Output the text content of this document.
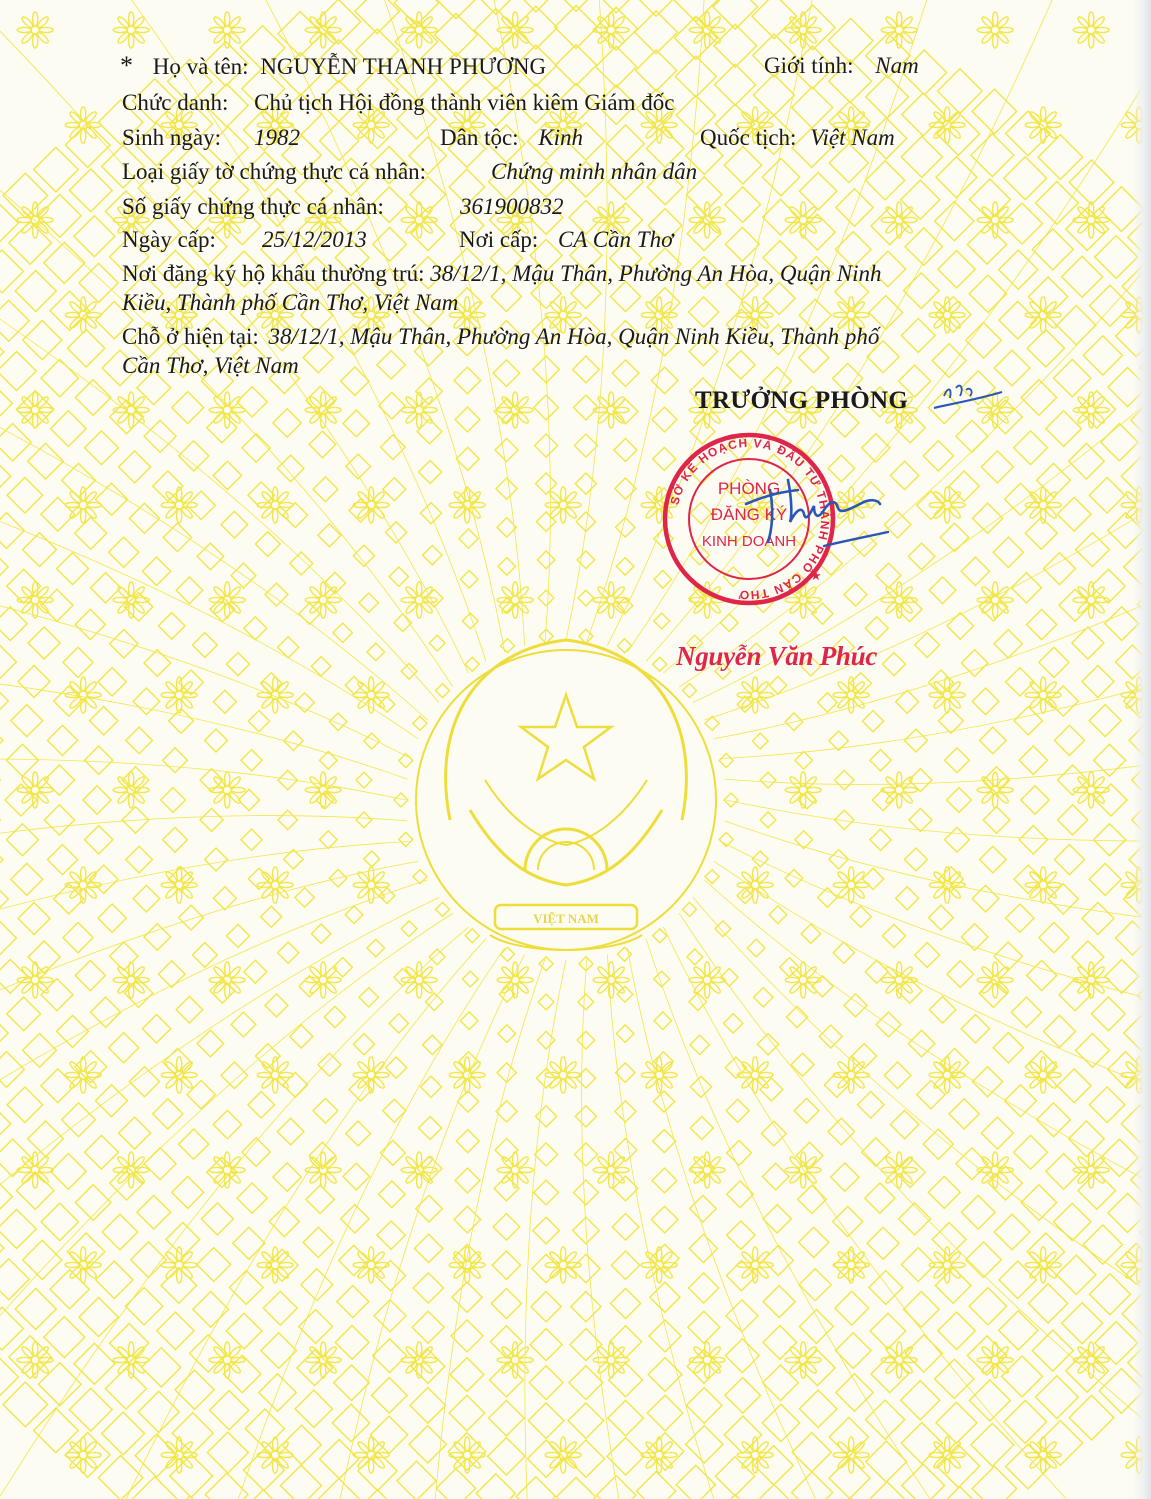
VIỆT NAM
* Họ và tên: NGUYỄN THANH PHƯƠNG	Giới tính: Nam
Chức danh: Chủ tịch Hội đồng thành viên kiêm Giám đốc
Sinh ngày: 1982	Dân tộc: Kinh	Quốc tịch: Việt Nam
Loại giấy tờ chứng thực cá nhân:	Chứng minh nhân dân
Số giấy chứng thực cá nhân:	361900832
Ngày cấp: 25/12/2013	Nơi cấp: CA Cần Thơ
Nơi đăng ký hộ khẩu thường trú: 38/12/1, Mậu Thân, Phường An Hòa, Quận Ninh
Kiều, Thành phố Cần Thơ, Việt Nam
Chỗ ở hiện tại: 38/12/1, Mậu Thân, Phường An Hòa, Quận Ninh Kiều, Thành phố
Cần Thơ, Việt Nam
TRƯỞNG PHÒNG
SỞ KẾ HOẠCH VÀ ĐẦU TƯ THÀNH PHỐ CẦN THƠ
★
PHÒNG
ĐĂNG KÝ
KINH DOANH
Nguyễn Văn Phúc
